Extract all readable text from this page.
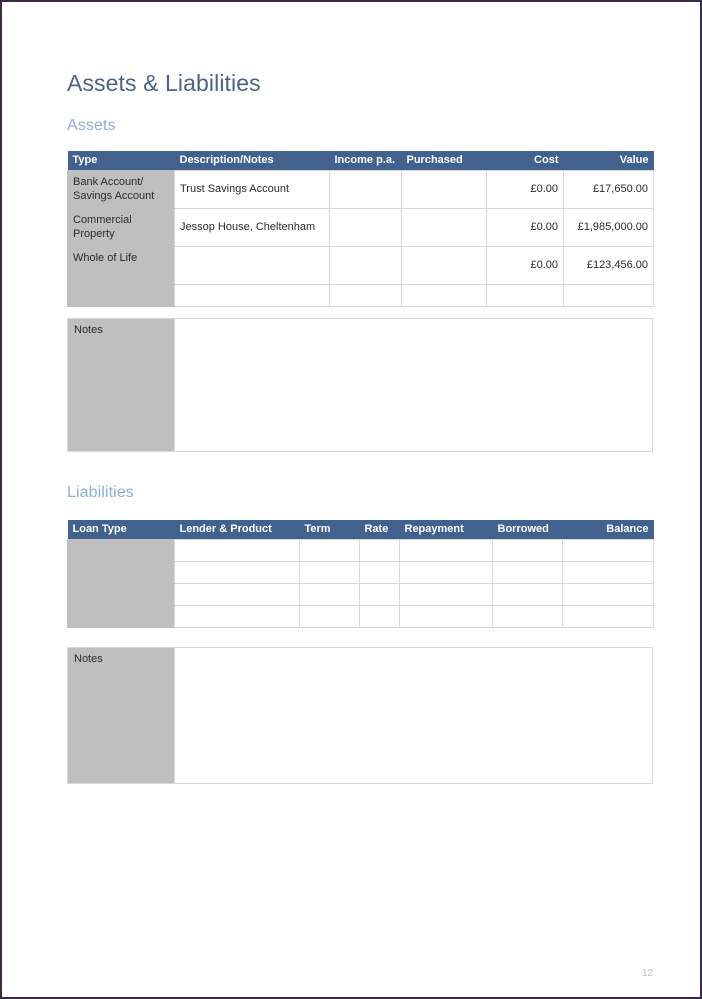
Assets & Liabilities
Assets
Type	Description/Notes	Income p.a.	Purchased	Cost	Value
Bank Account/
Savings Account	Trust Savings Account			£0.00	£17,650.00
Commercial
Property	Jessop House, Cheltenham			£0.00	£1,985,000.00
Whole of Life				£0.00	£123,456.00

Notes
Liabilities
Loan Type	Lender & Product	Term	Rate	Repayment	Borrowed	Balance

Notes
12
